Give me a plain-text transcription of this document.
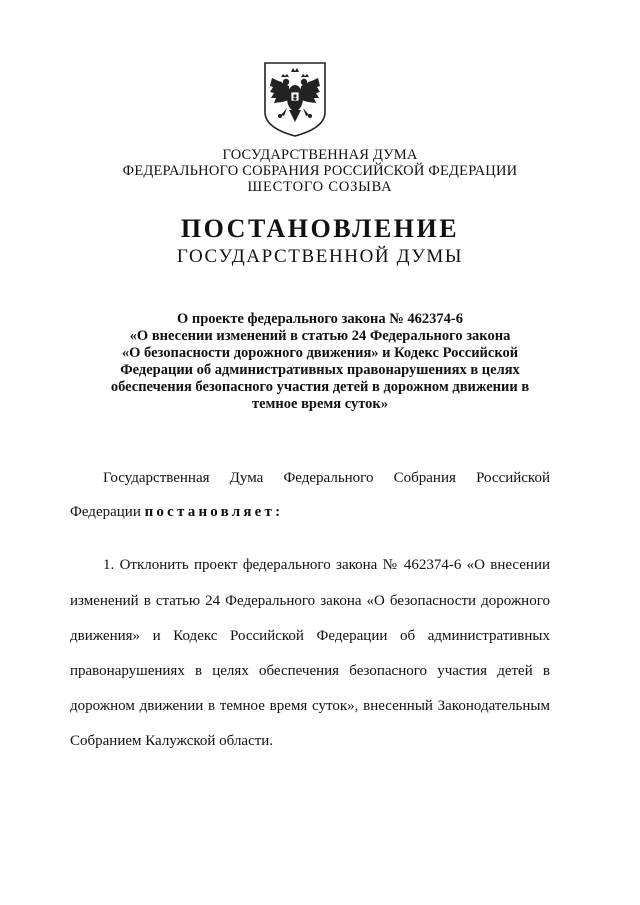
ГОСУДАРСТВЕННАЯ ДУМА
ФЕДЕРАЛЬНОГО СОБРАНИЯ РОССИЙСКОЙ ФЕДЕРАЦИИ
ШЕСТОГО СОЗЫВА
ПОСТАНОВЛЕНИЕ
ГОСУДАРСТВЕННОЙ ДУМЫ
О проекте федерального закона № 462374-6
«О внесении изменений в статью 24 Федерального закона
«О безопасности дорожного движения» и Кодекс Российской
Федерации об административных правонарушениях в целях
обеспечения безопасного участия детей в дорожном движении в
темное время суток»
Государственная Дума Федерального Собрания Российской
Федерации постановляет:
1. Отклонить проект федерального закона № 462374-6 «О внесении
изменений в статью 24 Федерального закона «О безопасности дорожного
движения» и Кодекс Российской Федерации об административных
правонарушениях в целях обеспечения безопасного участия детей в
дорожном движении в темное время суток», внесенный Законодательным
Собранием Калужской области.
